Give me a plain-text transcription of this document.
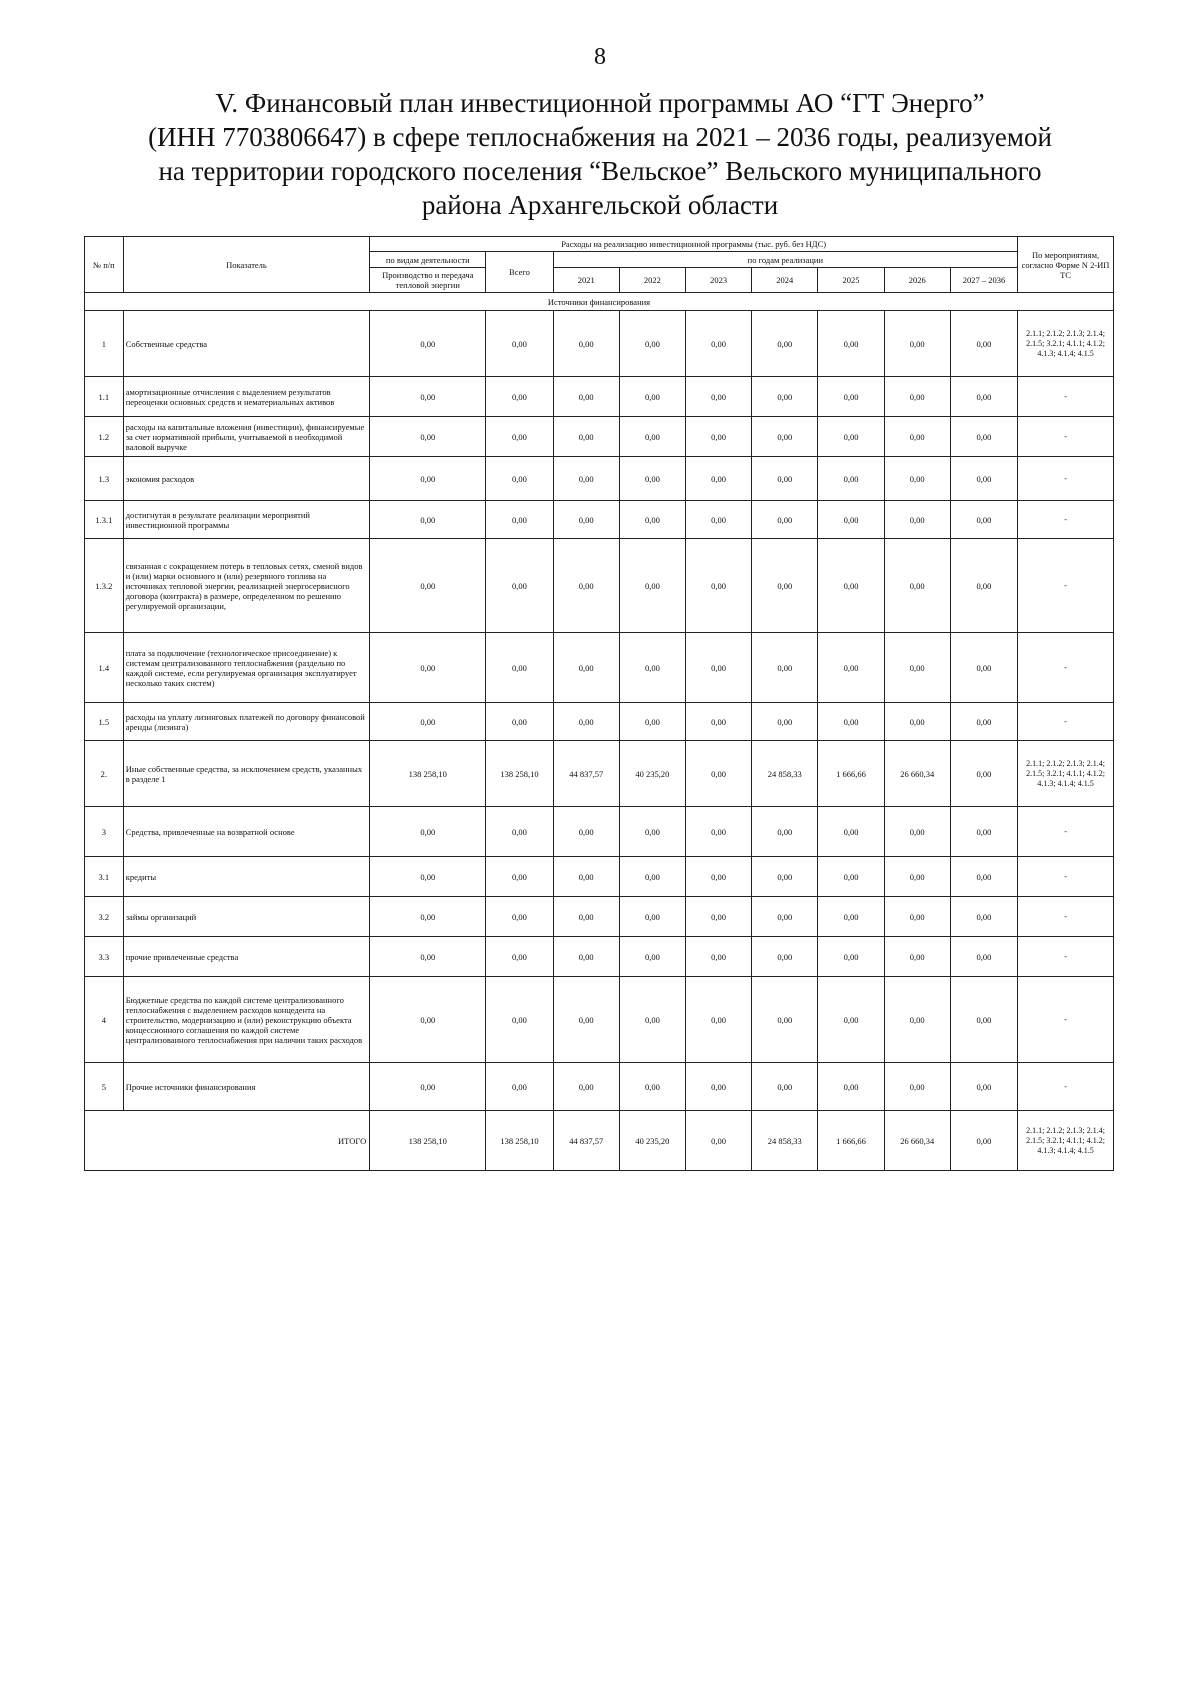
8
V. Финансовый план инвестиционной программы АО “ГТ Энерго”
(ИНН 7703806647) в сфере теплоснабжения на 2021 – 2036 годы, реализуемой
на территории городского поселения “Вельское” Вельского муниципального
района Архангельской области
№ п/п	Показатель	Расходы на реализацию инвестиционной программы (тыс. руб. без НДС)									По мероприятиям, согласно Форме N 2-ИП ТС
		по видам деятельности	Всего	по годам реализации							
		Производство и передача тепловой энергии		2021	2022	2023	2024	2025	2026	2027 – 2036	
Источники финансирования											
1	Собственные средства	0,00	0,00	0,00	0,00	0,00	0,00	0,00	0,00	0,00	2.1.1; 2.1.2; 2.1.3; 2.1.4; 2.1.5; 3.2.1; 4.1.1; 4.1.2; 4.1.3; 4.1.4; 4.1.5
1.1	амортизационные отчисления с выделением результатов переоценки основных средств и нематериальных активов	0,00	0,00	0,00	0,00	0,00	0,00	0,00	0,00	0,00	-
1.2	расходы на капитальные вложения (инвестиции), финансируемые за счет нормативной прибыли, учитываемой в необходимой валовой выручке	0,00	0,00	0,00	0,00	0,00	0,00	0,00	0,00	0,00	-
1.3	экономия расходов	0,00	0,00	0,00	0,00	0,00	0,00	0,00	0,00	0,00	-
1.3.1	достигнутая в результате реализации мероприятий инвестиционной программы	0,00	0,00	0,00	0,00	0,00	0,00	0,00	0,00	0,00	-
1.3.2	связанная с сокращением потерь в тепловых сетях, сменой видов и (или) марки основного и (или) резервного топлива на источниках тепловой энергии, реализацией энергосервисного договора (контракта) в размере, определенном по решению регулируемой организации,	0,00	0,00	0,00	0,00	0,00	0,00	0,00	0,00	0,00	-
1.4	плата за подключение (технологическое присоединение) к системам централизованного теплоснабжения (раздельно по каждой системе, если регулируемая организация эксплуатирует несколько таких систем)	0,00	0,00	0,00	0,00	0,00	0,00	0,00	0,00	0,00	-
1.5	расходы на уплату лизинговых платежей по договору финансовой аренды (лизинга)	0,00	0,00	0,00	0,00	0,00	0,00	0,00	0,00	0,00	-
2.	Иные собственные средства, за исключением средств, указанных в разделе 1	138 258,10	138 258,10	44 837,57	40 235,20	0,00	24 858,33	1 666,66	26 660,34	0,00	2.1.1; 2.1.2; 2.1.3; 2.1.4; 2.1.5; 3.2.1; 4.1.1; 4.1.2; 4.1.3; 4.1.4; 4.1.5
3	Средства, привлеченные на возвратной основе	0,00	0,00	0,00	0,00	0,00	0,00	0,00	0,00	0,00	-
3.1	кредиты	0,00	0,00	0,00	0,00	0,00	0,00	0,00	0,00	0,00	-
3.2	займы организаций	0,00	0,00	0,00	0,00	0,00	0,00	0,00	0,00	0,00	-
3.3	прочие привлеченные средства	0,00	0,00	0,00	0,00	0,00	0,00	0,00	0,00	0,00	-
4	Бюджетные средства по каждой системе централизованного теплоснабжения с выделением расходов концедента на строительство, модернизацию и (или) реконструкцию объекта концессионного соглашения по каждой системе централизованного теплоснабжения при наличии таких расходов	0,00	0,00	0,00	0,00	0,00	0,00	0,00	0,00	0,00	-
5	Прочие источники финансирования	0,00	0,00	0,00	0,00	0,00	0,00	0,00	0,00	0,00	-
ИТОГО		138 258,10	138 258,10	44 837,57	40 235,20	0,00	24 858,33	1 666,66	26 660,34	0,00	2.1.1; 2.1.2; 2.1.3; 2.1.4; 2.1.5; 3.2.1; 4.1.1; 4.1.2; 4.1.3; 4.1.4; 4.1.5
